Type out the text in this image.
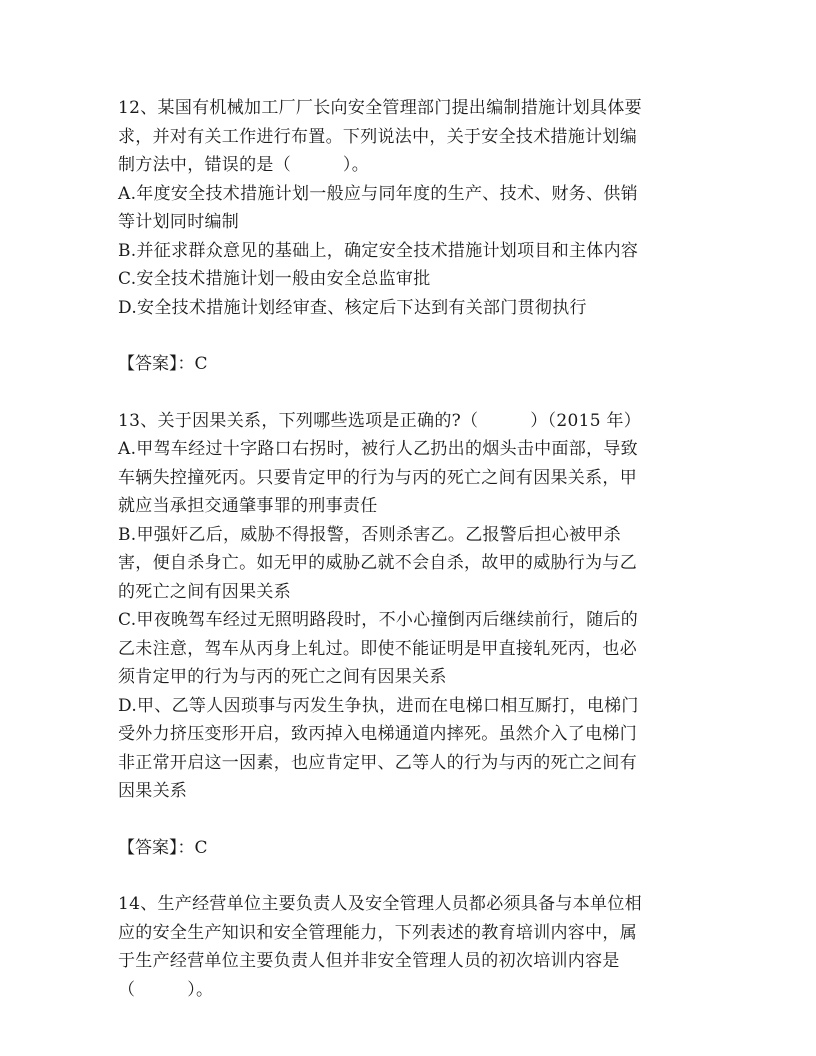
12、某国有机械加工厂厂长向安全管理部门提出编制措施计划具体要
求，并对有关工作进行布置。下列说法中，关于安全技术措施计划编
制方法中，错误的是（　　　）。
A.年度安全技术措施计划一般应与同年度的生产、技术、财务、供销
等计划同时编制
B.并征求群众意见的基础上，确定安全技术措施计划项目和主体内容
C.安全技术措施计划一般由安全总监审批
D.安全技术措施计划经审查、核定后下达到有关部门贯彻执行
【答案】：C
13、关于因果关系，下列哪些选项是正确的?（　　　）（2015 年）
A.甲驾车经过十字路口右拐时，被行人乙扔出的烟头击中面部，导致
车辆失控撞死丙。只要肯定甲的行为与丙的死亡之间有因果关系，甲
就应当承担交通肇事罪的刑事责任
B.甲强奸乙后，威胁不得报警，否则杀害乙。乙报警后担心被甲杀
害，便自杀身亡。如无甲的威胁乙就不会自杀，故甲的威胁行为与乙
的死亡之间有因果关系
C.甲夜晚驾车经过无照明路段时，不小心撞倒丙后继续前行，随后的
乙未注意，驾车从丙身上轧过。即使不能证明是甲直接轧死丙，也必
须肯定甲的行为与丙的死亡之间有因果关系
D.甲、乙等人因琐事与丙发生争执，进而在电梯口相互厮打，电梯门
受外力挤压变形开启，致丙掉入电梯通道内摔死。虽然介入了电梯门
非正常开启这一因素，也应肯定甲、乙等人的行为与丙的死亡之间有
因果关系
【答案】：C
14、生产经营单位主要负责人及安全管理人员都必须具备与本单位相
应的安全生产知识和安全管理能力，下列表述的教育培训内容中，属
于生产经营单位主要负责人但并非安全管理人员的初次培训内容是
（　　　）。
